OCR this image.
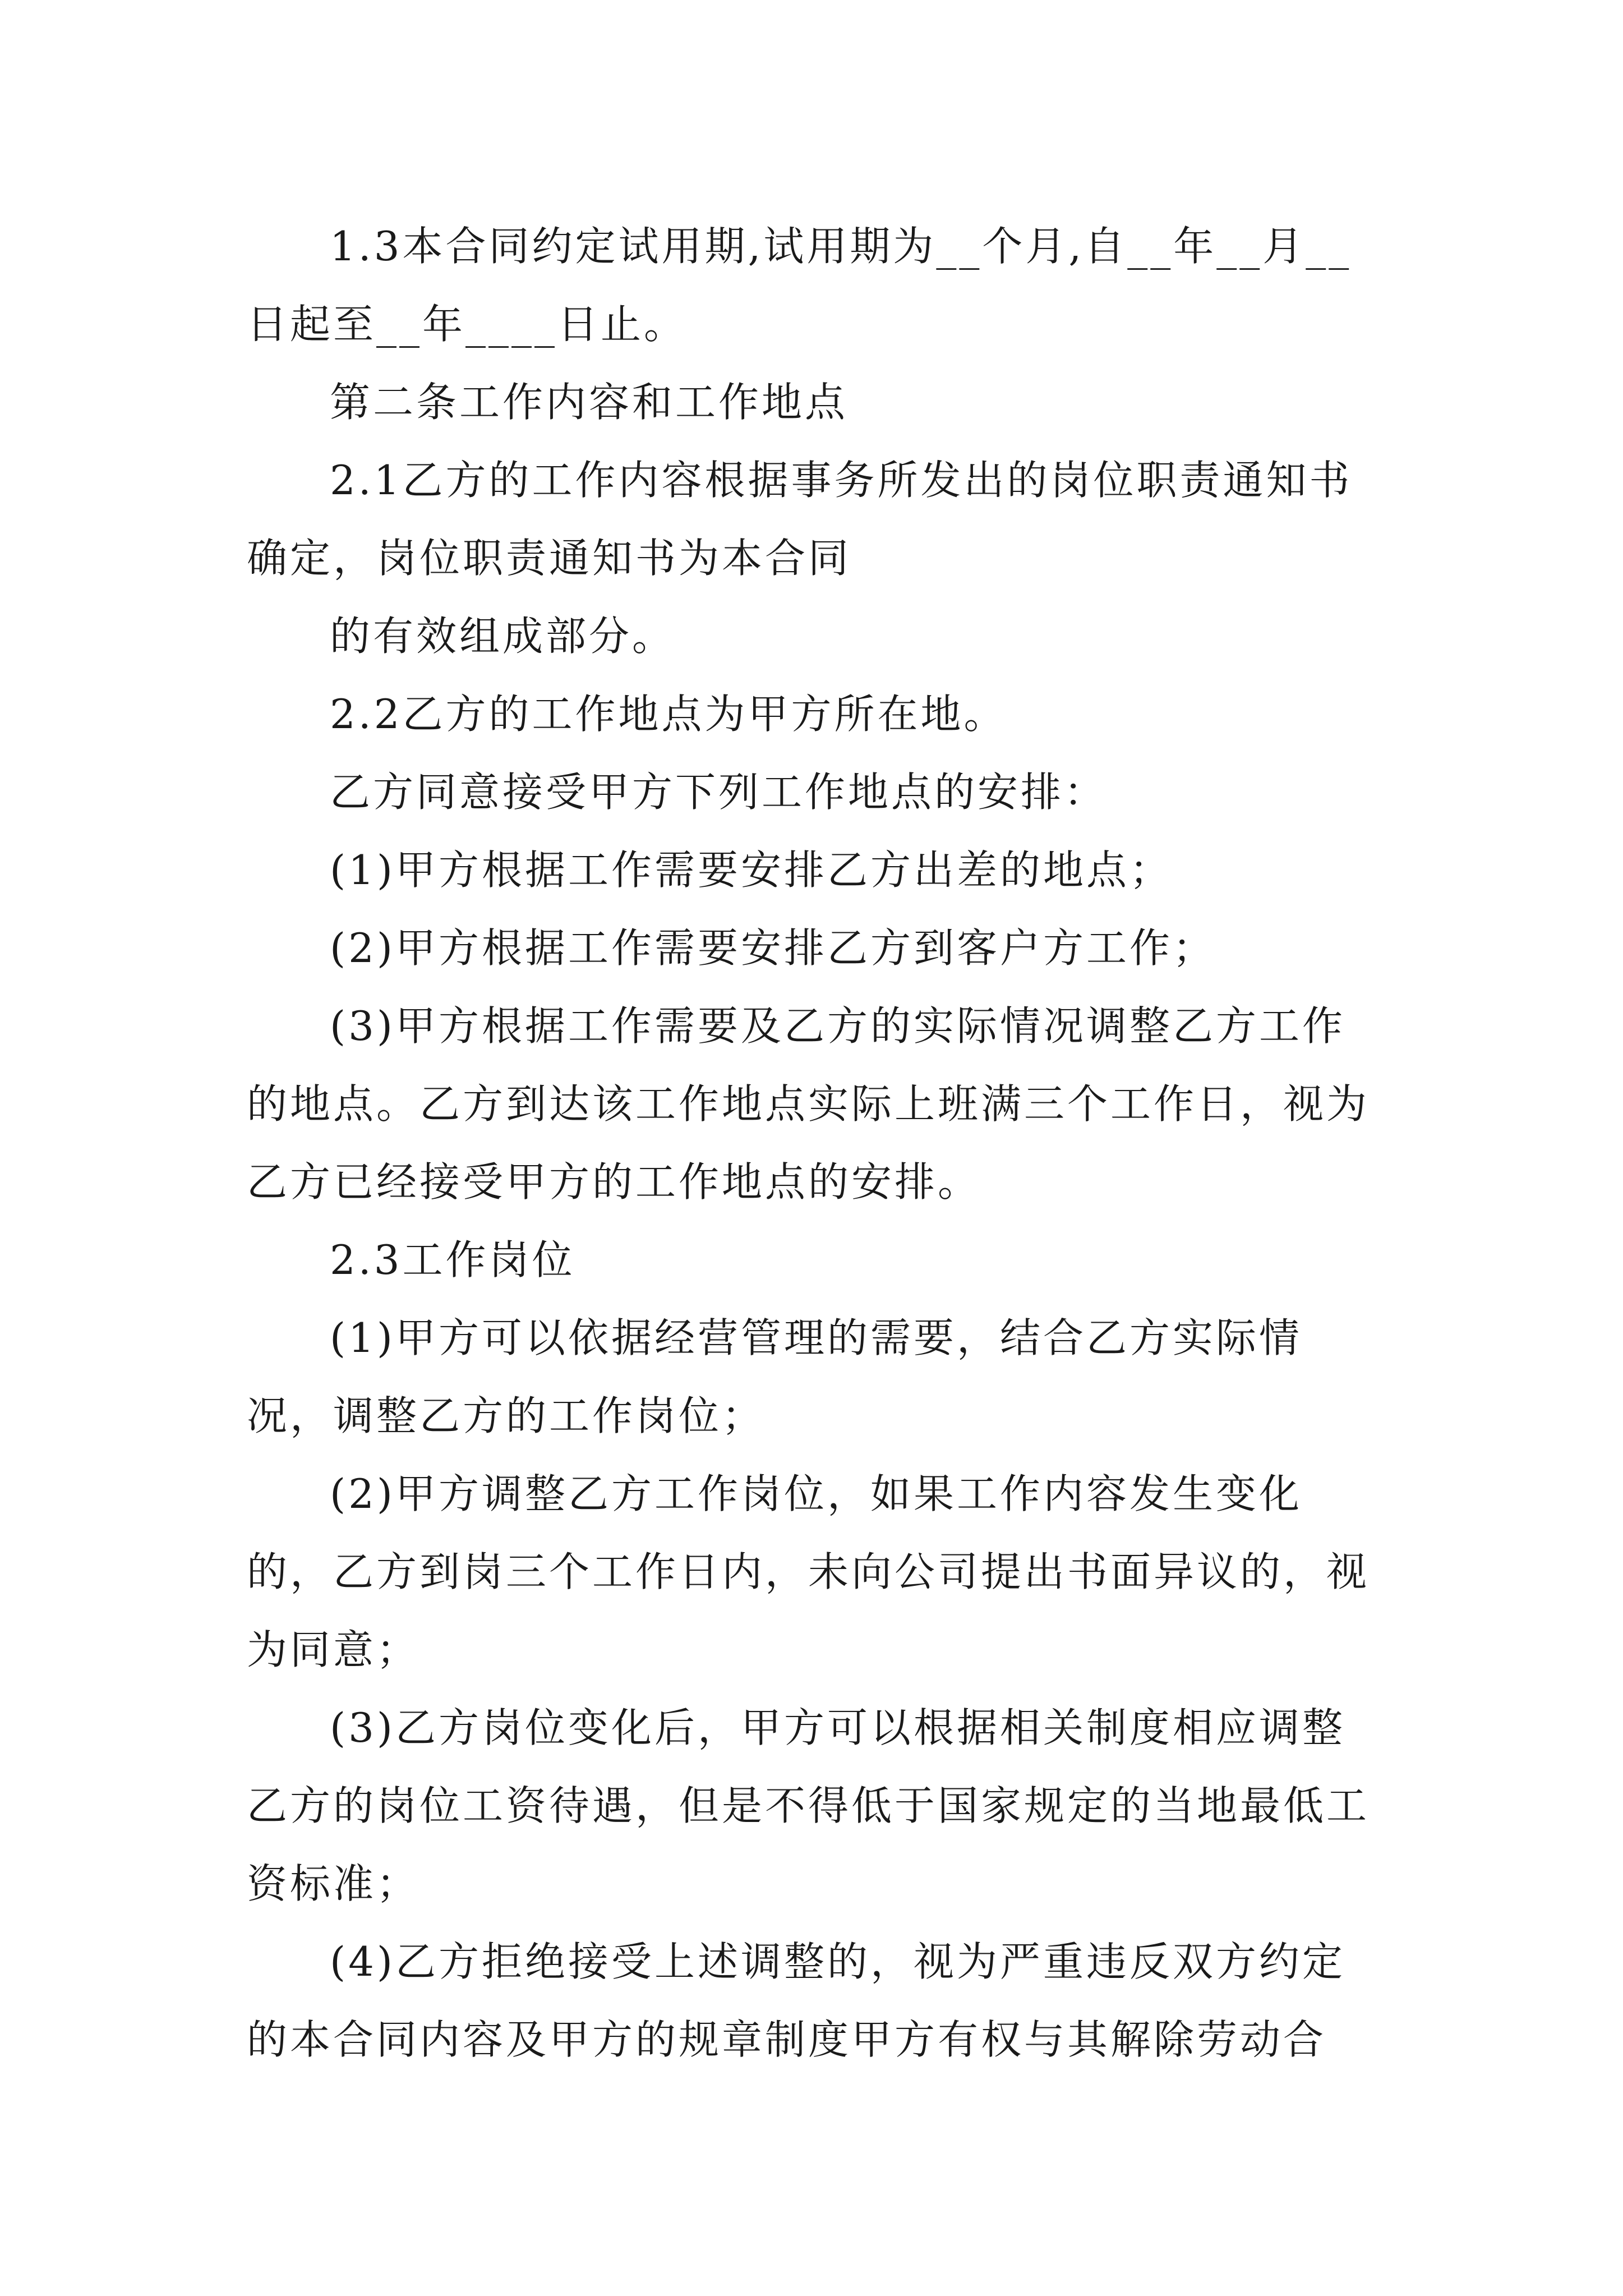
1.3本合同约定试用期,试用期为__个月,自__年__月__日起至__年____日止。

第二条工作内容和工作地点

2.1乙方的工作内容根据事务所发出的岗位职责通知书确定，岗位职责通知书为本合同

的有效组成部分。

2.2乙方的工作地点为甲方所在地。

乙方同意接受甲方下列工作地点的安排：

(1)甲方根据工作需要安排乙方出差的地点；

(2)甲方根据工作需要安排乙方到客户方工作；

(3)甲方根据工作需要及乙方的实际情况调整乙方工作的地点。乙方到达该工作地点实际上班满三个工作日，视为乙方已经接受甲方的工作地点的安排。

2.3工作岗位

(1)甲方可以依据经营管理的需要，结合乙方实际情况，调整乙方的工作岗位；

(2)甲方调整乙方工作岗位，如果工作内容发生变化的，乙方到岗三个工作日内，未向公司提出书面异议的，视为同意；

(3)乙方岗位变化后，甲方可以根据相关制度相应调整乙方的岗位工资待遇，但是不得低于国家规定的当地最低工资标准；

(4)乙方拒绝接受上述调整的，视为严重违反双方约定的本合同内容及甲方的规章制度甲方有权与其解除劳动合
